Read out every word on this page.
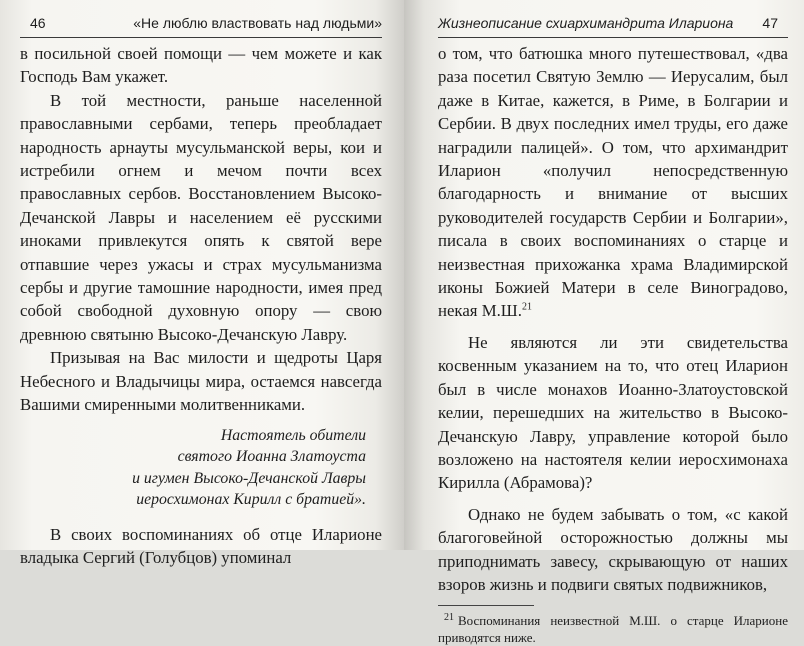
46	«Не люблю властвовать над людьми»

в посильной своей помощи — чем можете и как Господь Вам укажет.

В той местности, раньше населенной православными сербами, теперь преобладает народность арнауты мусульманской веры, кои и истребили огнем и мечом почти всех православных сербов. Восстановлением Высоко-Дечанской Лавры и населением её русскими иноками привлекутся опять к святой вере отпавшие через ужасы и страх мусульманизма сербы и другие тамошние народности, имея пред собой свободной духовную опору — свою древнюю святыню Высоко-Дечанскую Лавру.

Призывая на Вас милости и щедроты Царя Небесного и Владычицы мира, остаемся навсегда Вашими смиренными молитвенниками.

Настоятель обители
святого Иоанна Златоуста
и игумен Высоко-Дечанской Лавры
иеросхимонах Кирилл с братией».

В своих воспоминаниях об отце Иларионе владыка Сергий (Голубцов) упоминал

Жизнеописание схиархимандрита Илариона 47

о том, что батюшка много путешествовал, «два раза посетил Святую Землю — Иерусалим, был даже в Китае, кажется, в Риме, в Болгарии и Сербии. В двух последних имел труды, его даже наградили палицей». О том, что архимандрит Иларион «получил непосредственную благодарность и внимание от высших руководителей государств Сербии и Болгарии», писала в своих воспоминаниях о старце и неизвестная прихожанка храма Владимирской иконы Божией Матери в селе Виноградово, некая М.Ш.$^{21}$

Не являются ли эти свидетельства косвенным указанием на то, что отец Иларион был в числе монахов Иоанно-Златоустовской келии, перешедших на жительство в Высоко-Дечанскую Лавру, управление которой было возложено на настоятеля келии иеросхимонаха Кирилла (Абрамова)?

Однако не будем забывать о том, «с какой благоговейной осторожностью должны мы приподнимать завесу, скрывающую от наших взоров жизнь и подвиги святых подвижников,

$^{21}$ Воспоминания неизвестной М.Ш. о старце Иларионе приводятся ниже.
